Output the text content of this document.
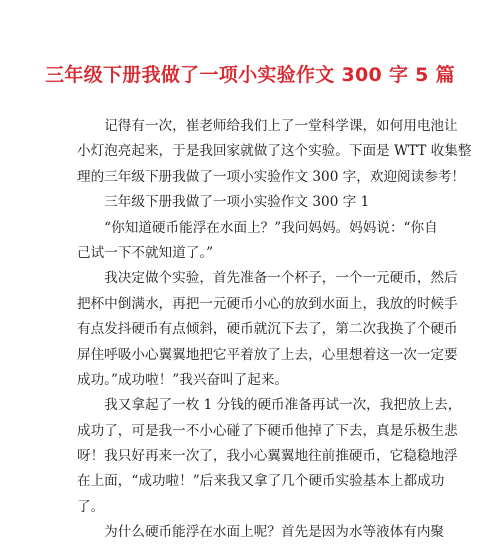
三年级下册我做了一项小实验作文 300 字 5 篇
　　记得有一次，崔老师给我们上了一堂科学课，如何用电池让
小灯泡亮起来，于是我回家就做了这个实验。下面是 WTT 收集整
理的三年级下册我做了一项小实验作文 300 字，欢迎阅读参考！
　　三年级下册我做了一项小实验作文 300 字 1
　　“你知道硬币能浮在水面上？”我问妈妈。妈妈说：“你自
己试一下不就知道了。”
　　我决定做个实验，首先准备一个杯子，一个一元硬币，然后
把杯中倒满水，再把一元硬币小心的放到水面上，我放的时候手
有点发抖硬币有点倾斜，硬币就沉下去了，第二次我换了个硬币
屏住呼吸小心翼翼地把它平着放了上去，心里想着这一次一定要
成功。”成功啦！”我兴奋叫了起来。
　　我又拿起了一枚 1 分钱的硬币准备再试一次，我把放上去，
成功了，可是我一不小心碰了下硬币他掉了下去，真是乐极生悲
呀！我只好再来一次了，我小心翼翼地往前推硬币，它稳稳地浮
在上面，“成功啦！”后来我又拿了几个硬币实验基本上都成功
了。
　　为什么硬币能浮在水面上呢？首先是因为水等液体有内聚
